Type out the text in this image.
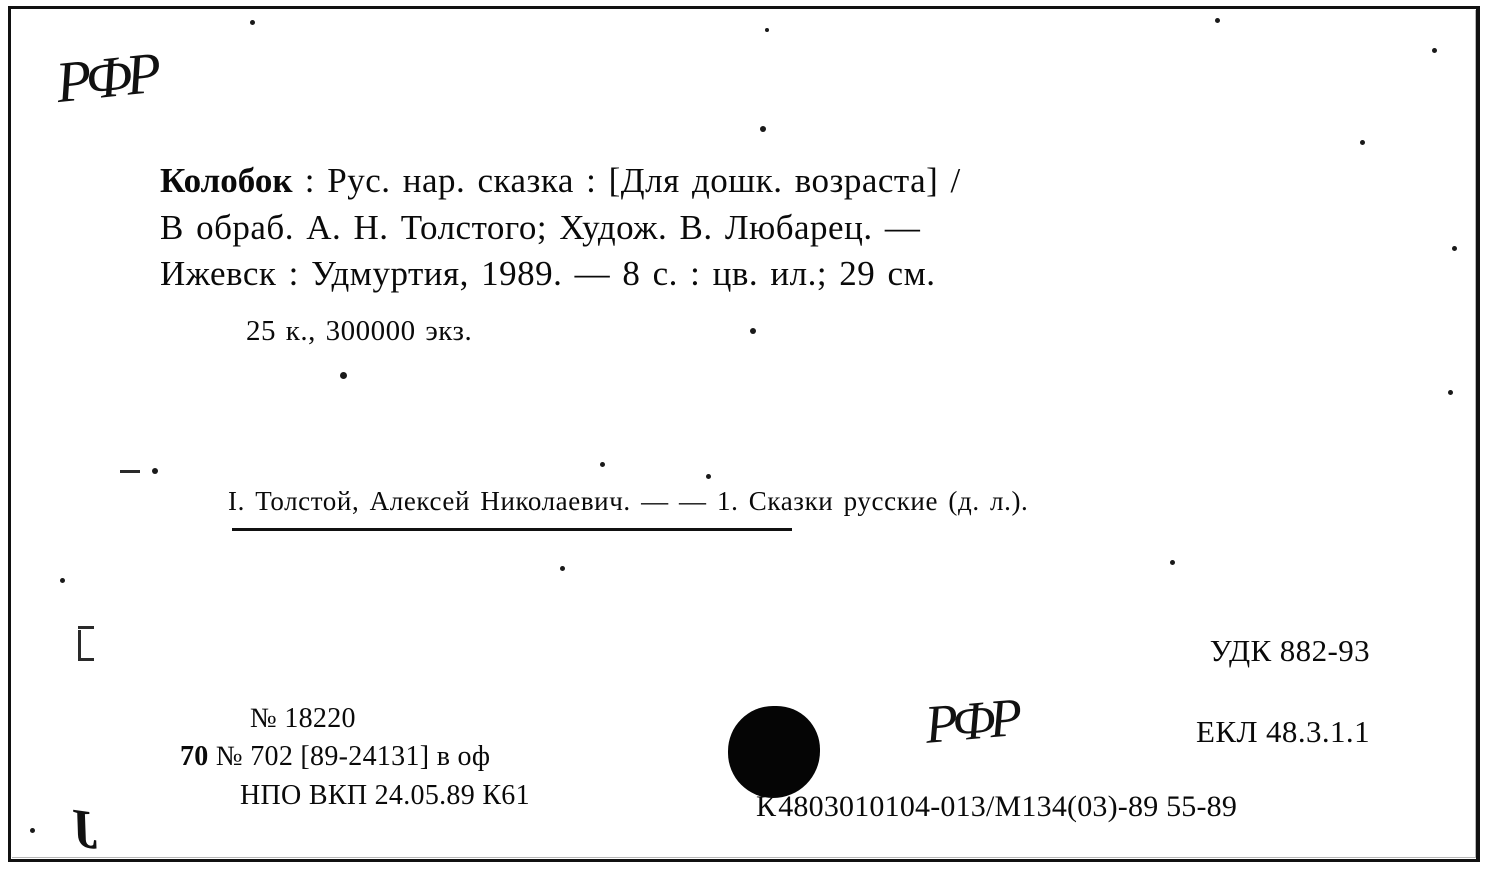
PФP
PФP
J
Колобок : Рус. нар. сказка : [Для дошк. возраста] /
В обраб. А. Н. Толстого; Худож. В. Любарец. —
Ижевск : Удмуртия, 1989. — 8 с. : цв. ил.; 29 см.
25 к., 300000 экз.
I. Толстой, Алексей Николаевич. — — 1. Сказки русские (д. л.).
УДК 882-93
ЕКЛ 48.3.1.1
№ 18220
70 № 702 [89-24131] в оф
НПО ВКП 24.05.89 К61	К4803010104-013/М134(03)-89 55-89
